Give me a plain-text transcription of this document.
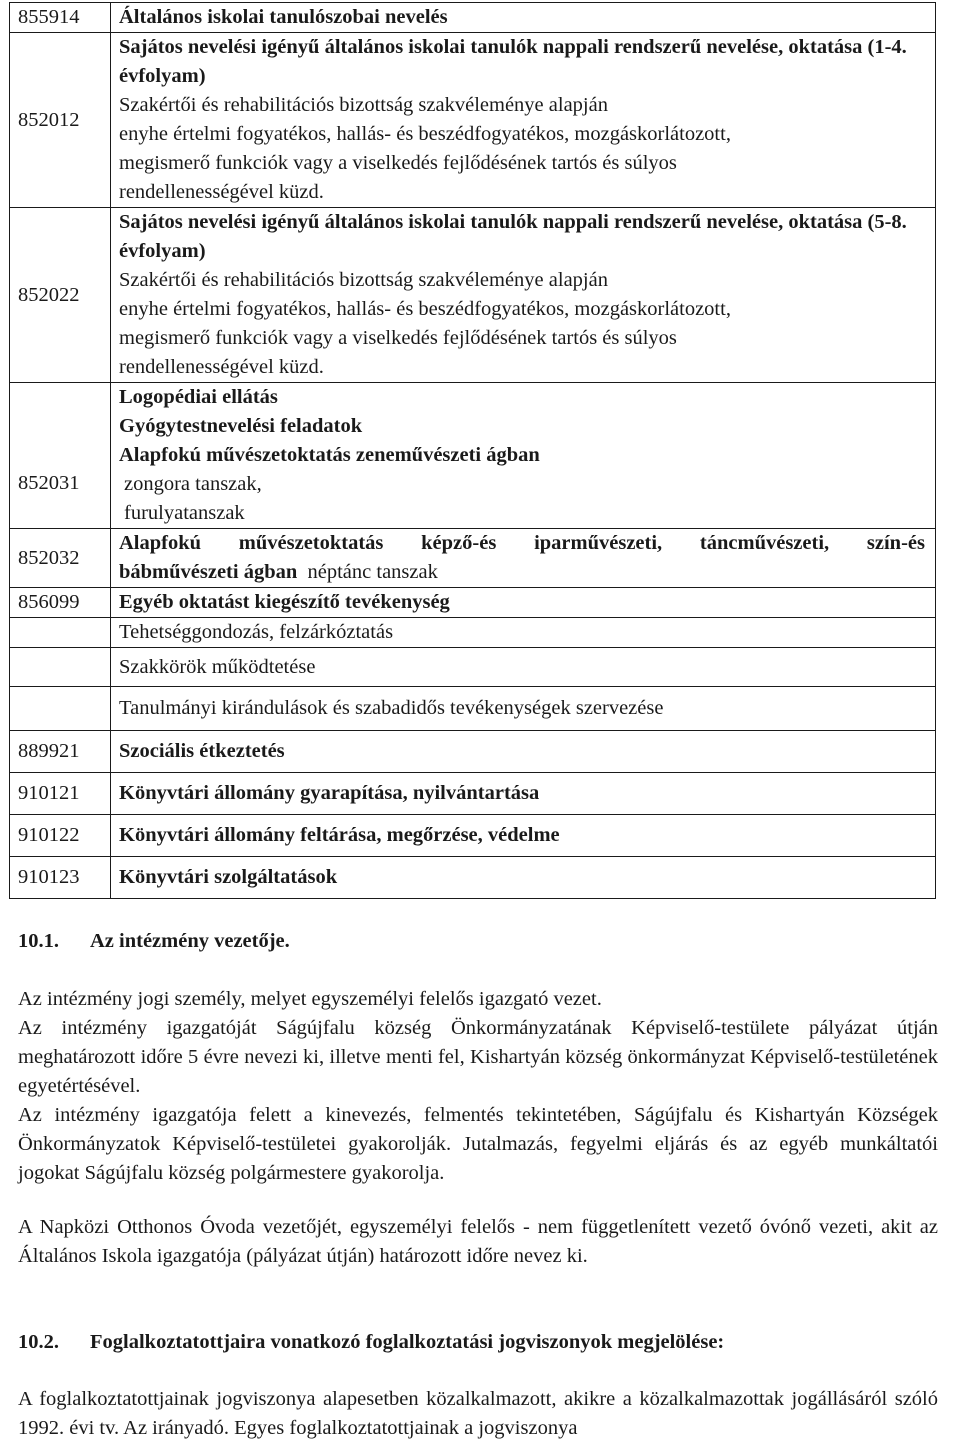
855914	Általános iskolai tanulószobai nevelés

852012	Sajátos nevelési igényű általános iskolai tanulók nappali rendszerű nevelése, oktatása (1-4. évfolyam)
Szakértői és rehabilitációs bizottság szakvéleménye alapján
enyhe értelmi fogyatékos, hallás- és beszédfogyatékos, mozgáskorlátozott,
megismerő funkciók vagy a viselkedés fejlődésének tartós és súlyos
rendellenességével küzd.

852022	Sajátos nevelési igényű általános iskolai tanulók nappali rendszerű nevelése, oktatása (5-8. évfolyam)
Szakértői és rehabilitációs bizottság szakvéleménye alapján
enyhe értelmi fogyatékos, hallás- és beszédfogyatékos, mozgáskorlátozott,
megismerő funkciók vagy a viselkedés fejlődésének tartós és súlyos
rendellenességével küzd.

852031	Logopédiai ellátás
Gyógytestnevelési feladatok
Alapfokú művészetoktatás zeneművészeti ágban
zongora tanszak,
furulyatanszak

852032	Alapfokú művészetoktatás képző-és iparművészeti, táncművészeti, szín-és
bábművészeti ágban néptánc tanszak

856099	Egyéb oktatást kiegészítő tevékenység

	Tehetséggondozás, felzárkóztatás

	Szakkörök működtetése

	Tanulmányi kirándulások és szabadidős tevékenységek szervezése

889921	Szociális étkeztetés

910121	Könyvtári állomány gyarapítása, nyilvántartása

910122	Könyvtári állomány feltárása, megőrzése, védelme

910123	Könyvtári szolgáltatások
10.1. Az intézmény vezetője.

Az intézmény jogi személy, melyet egyszemélyi felelős igazgató vezet.

Az intézmény igazgatóját Ságújfalu község Önkormányzatának Képviselő-testülete pályázat útján meghatározott időre 5 évre nevezi ki, illetve menti fel, Kishartyán község önkormányzat Képviselő-testületének egyetértésével.

Az intézmény igazgatója felett a kinevezés, felmentés tekintetében, Ságújfalu és Kishartyán Községek Önkormányzatok Képviselő-testületei gyakorolják. Jutalmazás, fegyelmi eljárás és az egyéb munkáltatói jogokat Ságújfalu község polgármestere gyakorolja.

A Napközi Otthonos Óvoda vezetőjét, egyszemélyi felelős - nem függetlenített vezető óvónő vezeti, akit az Általános Iskola igazgatója (pályázat útján) határozott időre nevez ki.

10.2. Foglalkoztatottjaira vonatkozó foglalkoztatási jogviszonyok megjelölése:

A foglalkoztatottjainak jogviszonya alapesetben közalkalmazott, akikre a közalkalmazottak jogállásáról szóló 1992. évi tv. Az irányadó. Egyes foglalkoztatottjainak a jogviszonya
